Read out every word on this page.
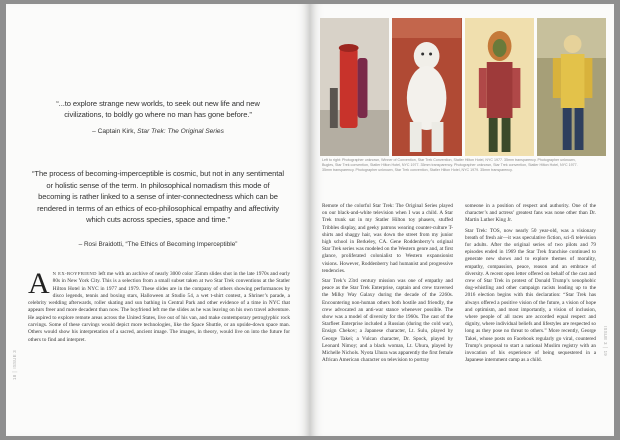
“...to explore strange new worlds, to seek out new life and new civilizations, to boldly go where no man has gone before.”
– Captain Kirk, Star Trek: The Original Series
“The process of becoming-imperceptible is cosmic, but not in any sentimental or holistic sense of the term. In philosophical nomadism this mode of becoming is rather linked to a sense of inter-connectedness which can be rendered in terms of an ethics of eco-philosophical empathy and affectivity which cuts across species, space and time.”
– Rosi Braidotti, “The Ethics of Becoming Imperceptible”
A N EX-BOYFRIEND left me with an archive of nearly 3000 color 35mm slides shot in the late 1970s and early 80s in New York City. This is a selection from a small subset taken at two Star Trek conventions at the Statler Hilton Hotel in NYC in 1977 and 1979. These slides are in the company of others showing performances by disco legends, tennis and boxing stars, Halloween at Studio 54, a wet t-shirt contest, a Shriner’s parade, a celebrity wedding afterwards, roller skating and sun bathing in Central Park and other evidence of a time in NYC that appears freer and more decadent than now. The boyfriend left me the slides as he was leaving on his own travel adventure. He aspired to explore remote areas across the United States, live out of his van, and make contemporary petroglyphic rock carvings. Some of these carvings would depict more technologies, like the Space Shuttle, or an upside-down space man. Others would show his interpretation of a sacred, ancient image. The images, in theory, would live on into the future for others to find and interpret.
18 │ ISSUE 3
Left to right: Photographer unknown, Winner of Convention, Star Trek Convention, Statler Hilton Hotel, NYC 1977. 35mm transparency. Photographer unknown, Bugles, Star Trek convention, Statler Hilton Hotel, NYC 1977. 35mm transparency. Photographer unknown, Star Trek convention, Statler Hilton Hotel, NYC 1977. 35mm transparency. Photographer unknown, Star Trek convention, Statler Hilton Hotel, NYC 1979. 35mm transparency.

Remote of the colorful Star Trek: The Original Series played on our black-and-white television when I was a child. A Star Trek trunk sat in my Statler Hilton toy phasers, stuffed Tribbles display, and geeky patrons wearing counter-culture T-shirts and shaggy hair, was down the street from my junior high school in Berkeley, CA. Gene Roddenberry’s original Star Trek series was modeled on the Western genre and, at first glance, proliferated colonialist to Western expansionist visions. However, Roddenberry had humanist and progressive tendencies.

Star Trek’s 23rd century mission was one of empathy and peace as the Star Trek Enterprise, captain and crew traversed the Milky Way Galaxy during the decade of the 2260s. Encountering non-human others both hostile and friendly, the crew advocated an anti-war stance whenever possible. The show was a model of diversity for the 1960s. The cast of the Starfleet Enterprise included a Russian (during the cold war), Ensign Chekov; a Japanese character, Lt. Sulu, played by George Takei; a Vulcan character, Dr. Spock, played by Leonard Nimoy; and a black woman, Lt. Uhura, played by Michelle Nichols. Nyota Uhura was apparently the first female African American character on television to portray

someone in a position of respect and authority. One of the character’s and actress’ greatest fans was none other than Dr. Martin Luther King Jr.

Star Trek: TOS, now nearly 50 year-old, was a visionary breath of fresh air—it was speculative fiction, sci-fi television for adults. After the original series of two pilots and 79 episodes ended in 1969 the Star Trek franchise continued to generate new shows and to explore themes of morality, empathy, compassion, peace, reason and an embrace of diversity. A recent open letter offered on behalf of the cast and crew of Star Trek in protest of Donald Trump’s xenophobic dog-whistling and other campaign racists leading up to the 2016 election begins with this declaration: “Star Trek has always offered a positive vision of the future, a vision of hope and optimism, and most importantly, a vision of inclusion, where people of all races are accorded equal respect and dignity, where individual beliefs and lifestyles are respected so long as they pose no threat to others.” More recently, George Takei, whose posts on Facebook regularly go viral, countered Trump’s proposal to start a national Muslim registry with an invocation of his experience of being sequestered in a Japanese internment camp as a child.

ISSUE 3 │ 19
